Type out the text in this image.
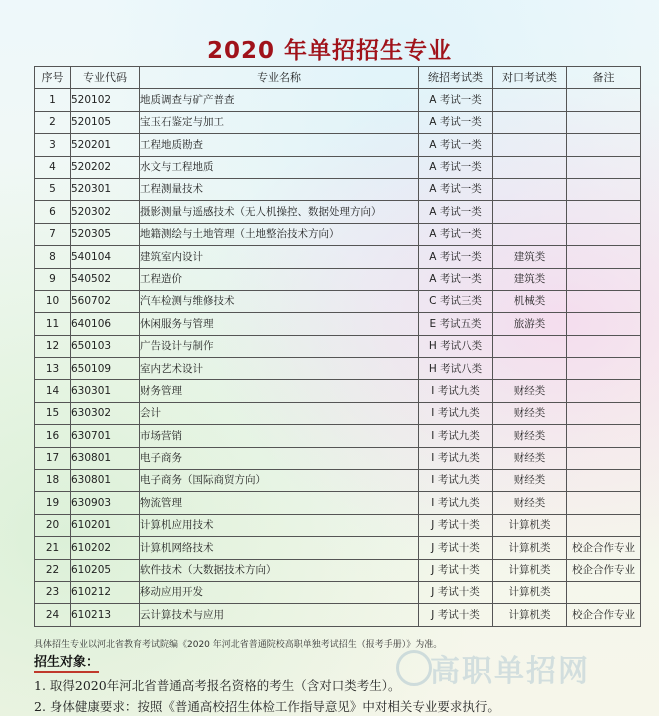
2020 年单招招生专业
序号	专业代码	专业名称	统招考试类	对口考试类	备注
1	520102	地质调查与矿产普查	A 考试一类		
2	520105	宝玉石鉴定与加工	A 考试一类		
3	520201	工程地质勘查	A 考试一类		
4	520202	水文与工程地质	A 考试一类		
5	520301	工程测量技术	A 考试一类		
6	520302	摄影测量与遥感技术（无人机操控、数据处理方向）	A 考试一类		
7	520305	地籍测绘与土地管理（土地整治技术方向）	A 考试一类		
8	540104	建筑室内设计	A 考试一类	建筑类	
9	540502	工程造价	A 考试一类	建筑类	
10	560702	汽车检测与维修技术	C 考试三类	机械类	
11	640106	休闲服务与管理	E 考试五类	旅游类	
12	650103	广告设计与制作	H 考试八类		
13	650109	室内艺术设计	H 考试八类		
14	630301	财务管理	I 考试九类	财经类	
15	630302	会计	I 考试九类	财经类	
16	630701	市场营销	I 考试九类	财经类	
17	630801	电子商务	I 考试九类	财经类	
18	630801	电子商务（国际商贸方向）	I 考试九类	财经类	
19	630903	物流管理	I 考试九类	财经类	
20	610201	计算机应用技术	J 考试十类	计算机类	
21	610202	计算机网络技术	J 考试十类	计算机类	校企合作专业
22	610205	软件技术（大数据技术方向）	J 考试十类	计算机类	校企合作专业
23	610212	移动应用开发	J 考试十类	计算机类	
24	610213	云计算技术与应用	J 考试十类	计算机类	校企合作专业
具体招生专业以河北省教育考试院编《2020 年河北省普通院校高职单独考试招生（报考手册）》为准。
高职单招网
招生对象：
1. 取得2020年河北省普通高考报名资格的考生（含对口类考生）。
2. 身体健康要求：按照《普通高校招生体检工作指导意见》中对相关专业要求执行。
